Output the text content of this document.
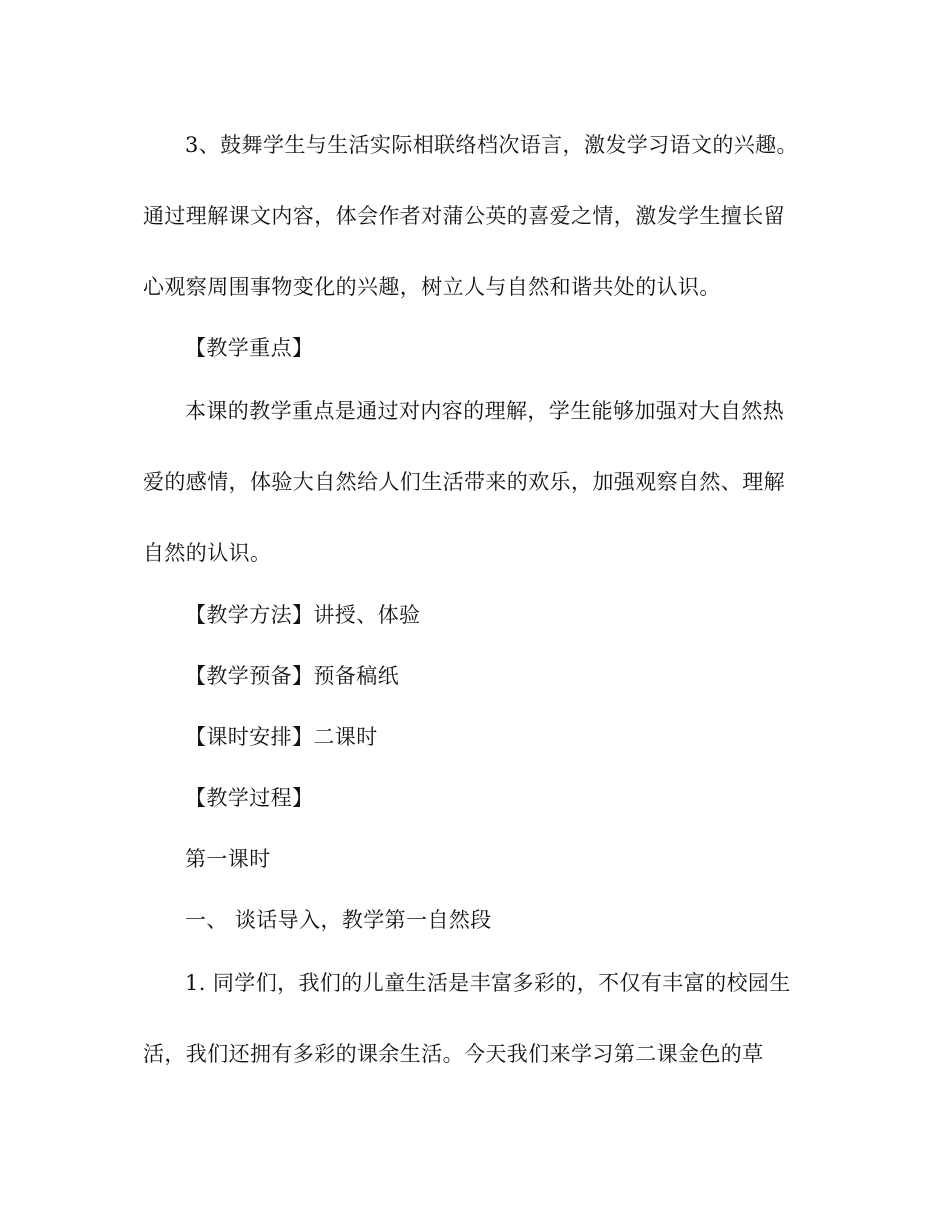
3、鼓舞学生与生活实际相联络档次语言，激发学习语文的兴趣。
通过理解课文内容，体会作者对蒲公英的喜爱之情，激发学生擅长留
心观察周围事物变化的兴趣，树立人与自然和谐共处的认识。
【教学重点】
本课的教学重点是通过对内容的理解，学生能够加强对大自然热
爱的感情，体验大自然给人们生活带来的欢乐，加强观察自然、理解
自然的认识。
【教学方法】讲授、体验
【教学预备】预备稿纸
【课时安排】二课时
【教学过程】
第一课时
一、 谈话导入，教学第一自然段
1. 同学们，我们的儿童生活是丰富多彩的，不仅有丰富的校园生
活，我们还拥有多彩的课余生活。今天我们来学习第二课金色的草
